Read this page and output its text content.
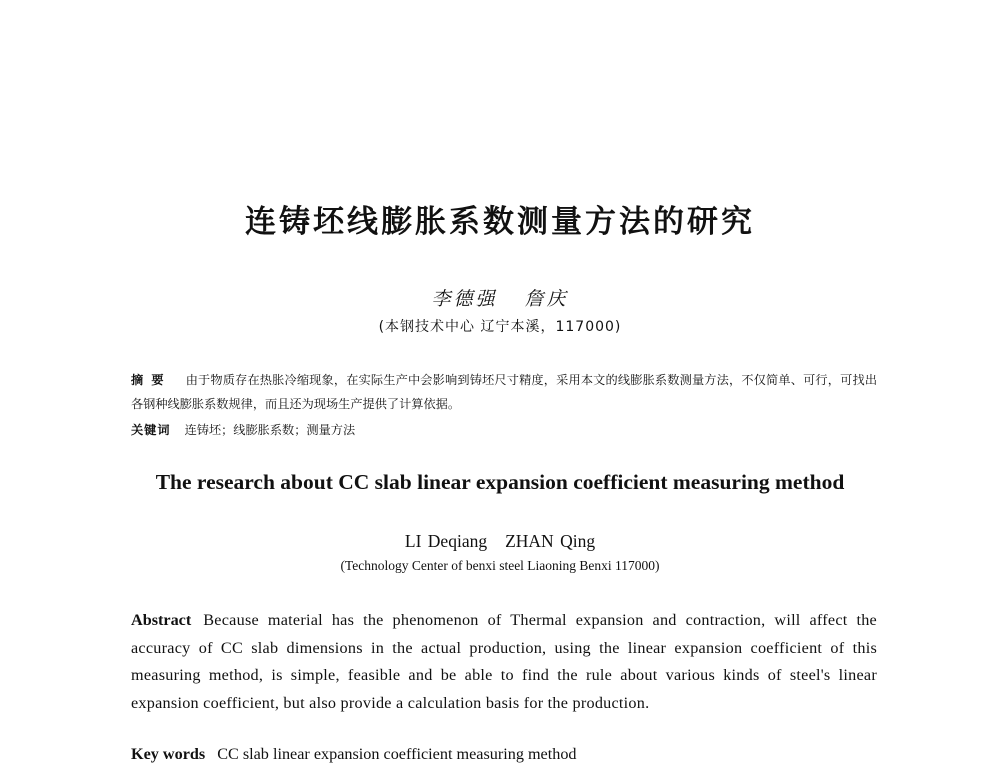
连铸坯线膨胀系数测量方法的研究
李德强 詹庆
(本钢技术中心 辽宁本溪，117000)
摘要 由于物质存在热胀冷缩现象，在实际生产中会影响到铸坯尺寸精度，采用本文的线膨胀系数测量方法，不仅简单、可行，可找出各钢种线膨胀系数规律，而且还为现场生产提供了计算依据。
关键词 连铸坯；线膨胀系数；测量方法
The research about CC slab linear expansion coefficient measuring method
LI Deqiang ZHAN Qing
(Technology Center of benxi steel Liaoning Benxi 117000)
Abstract Because material has the phenomenon of Thermal expansion and contraction, will affect the accuracy of CC slab dimensions in the actual production, using the linear expansion coefficient of this measuring method, is simple, feasible and be able to find the rule about various kinds of steel's linear expansion coefficient, but also provide a calculation basis for the production.
Key words CC slab linear expansion coefficient measuring method
